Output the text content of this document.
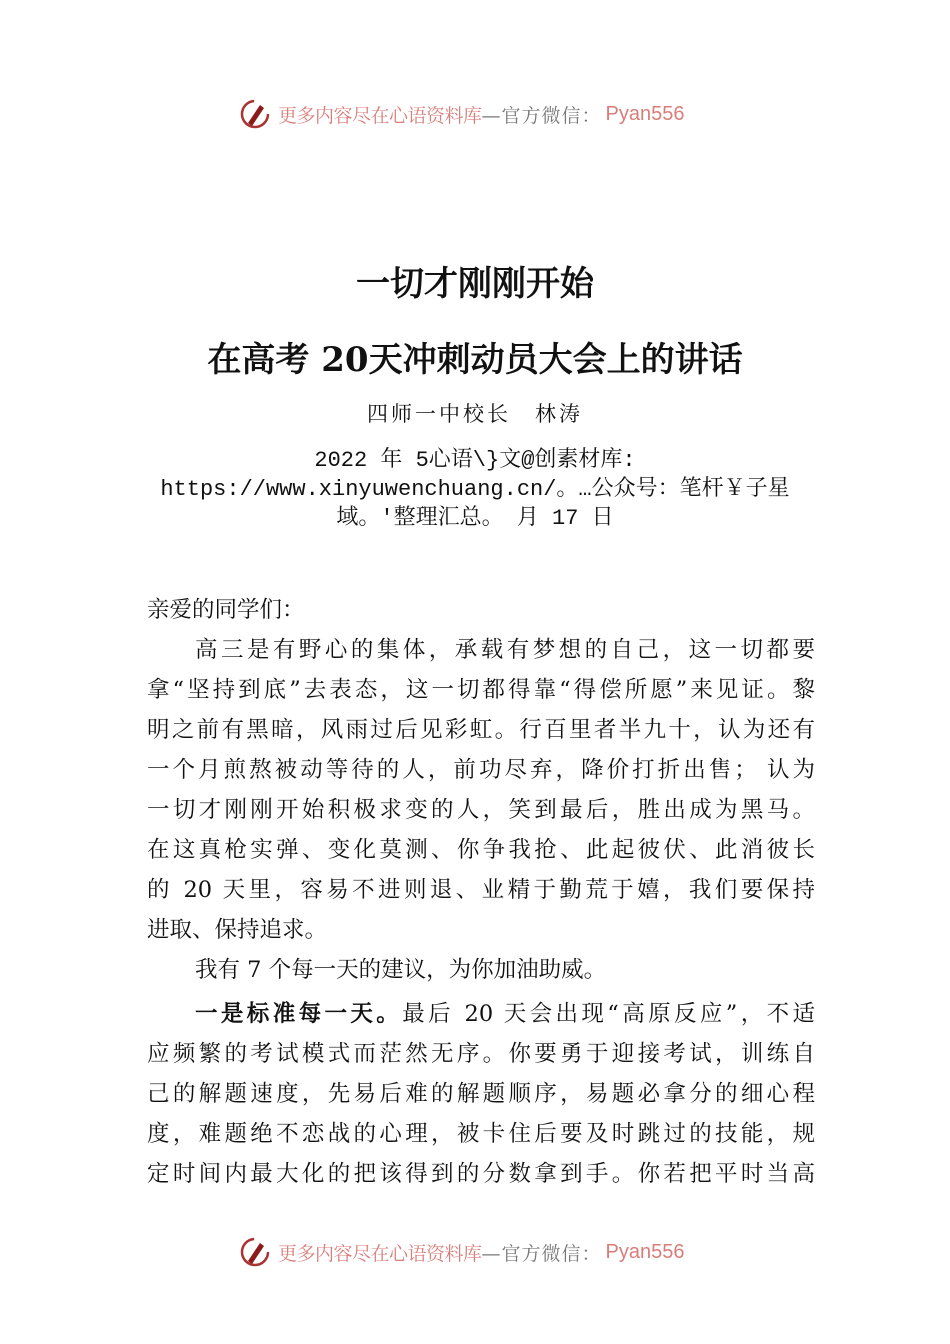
更多内容尽在心语资料库 —官方微信： Pyan556
一切才刚刚开始
在高考 20天冲刺动员大会上的讲话
四师一中校长　林涛
2022 年 5心语\}文@创素材库:
https://www.xinyuwenchuang.cn/。…公众号：笔杆￥子星
域。'整理汇总。 月 17 日
亲爱的同学们：
高三是有野心的集体，承载有梦想的自己，这一切都要
拿“坚持到底”去表态，这一切都得靠“得偿所愿”来见证。黎
明之前有黑暗，风雨过后见彩虹。行百里者半九十，认为还有
一个月煎熬被动等待的人，前功尽弃，降价打折出售； 认为
一切才刚刚开始积极求变的人，笑到最后，胜出成为黑马。
在这真枪实弹、变化莫测、你争我抢、此起彼伏、此消彼长
的 20 天里，容易不进则退、业精于勤荒于嬉，我们要保持
进取、保持追求。
我有 7 个每一天的建议，为你加油助威。
一是标准每一天。最后 20 天会出现“高原反应”，不适
应频繁的考试模式而茫然无序。你要勇于迎接考试，训练自
己的解题速度，先易后难的解题顺序，易题必拿分的细心程
度，难题绝不恋战的心理，被卡住后要及时跳过的技能，规
定时间内最大化的把该得到的分数拿到手。你若把平时当高
更多内容尽在心语资料库 —官方微信： Pyan556
